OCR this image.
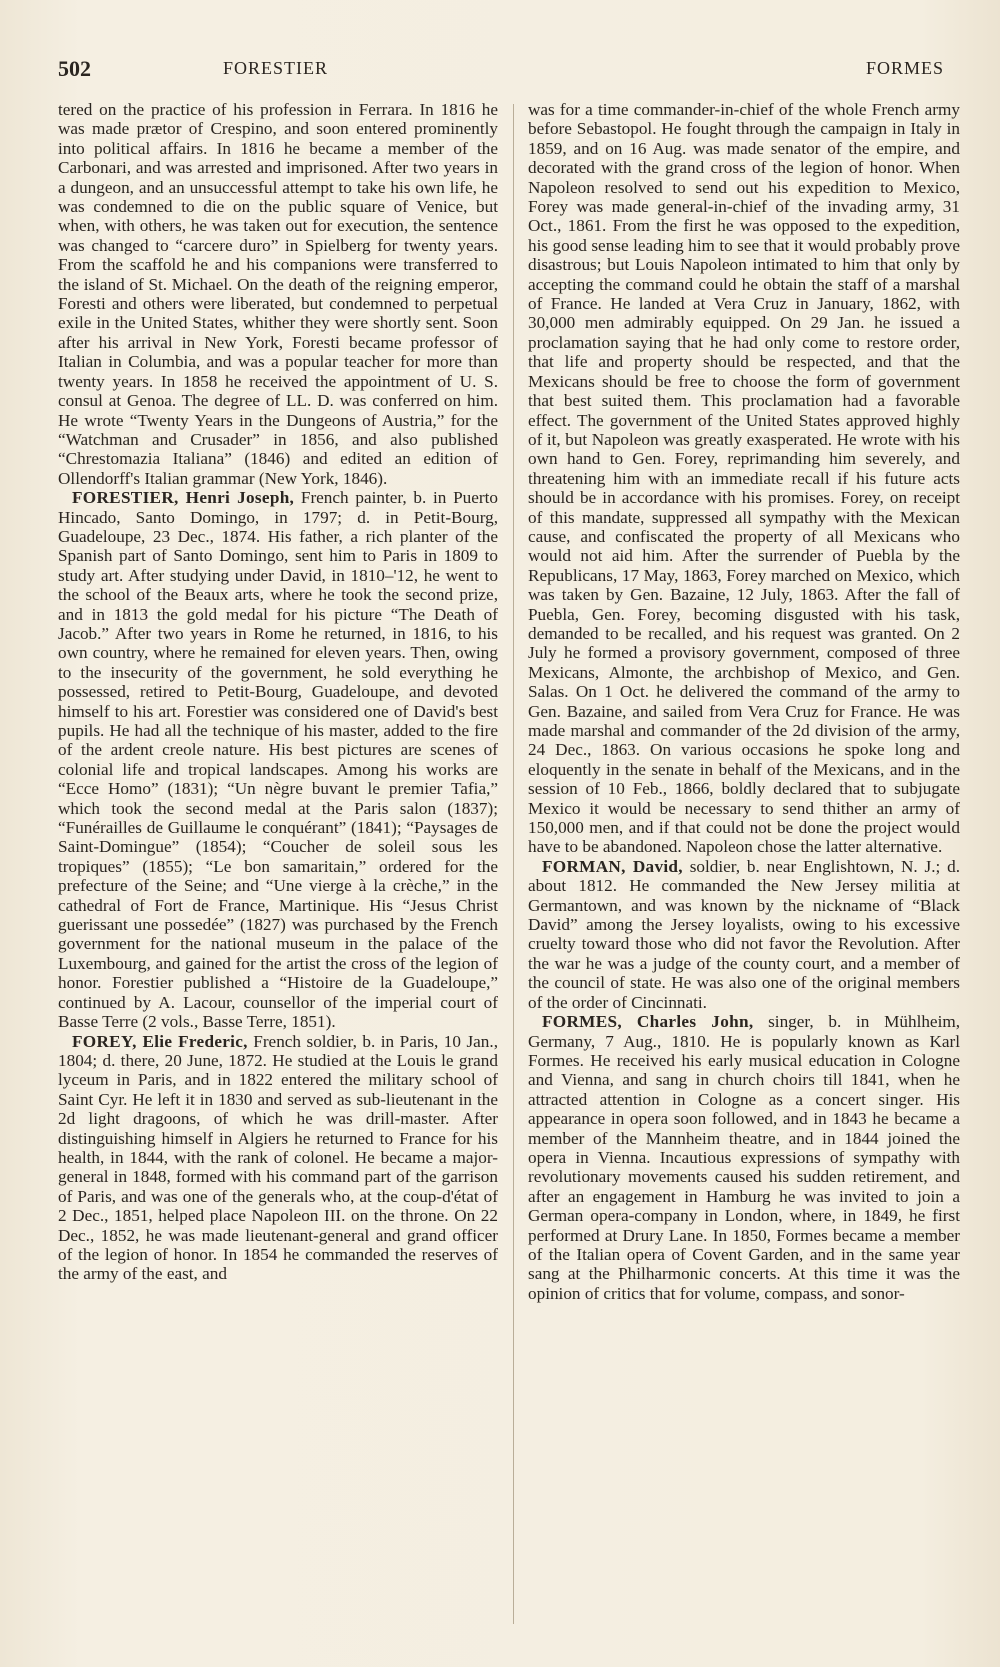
502	FORESTIER	FORMES

tered on the practice of his profession in Ferrara. In 1816 he was made prætor of Crespino, and soon entered prominently into political affairs. In 1816 he became a member of the Carbonari, and was arrested and imprisoned. After two years in a dungeon, and an unsuccessful attempt to take his own life, he was condemned to die on the public square of Venice, but when, with others, he was taken out for execution, the sentence was changed to “carcere duro” in Spielberg for twenty years. From the scaffold he and his companions were transferred to the island of St. Michael. On the death of the reigning emperor, Foresti and others were liberated, but condemned to perpetual exile in the United States, whither they were shortly sent. Soon after his arrival in New York, Foresti became professor of Italian in Columbia, and was a popular teacher for more than twenty years. In 1858 he received the appointment of U. S. consul at Genoa. The degree of LL. D. was conferred on him. He wrote “Twenty Years in the Dungeons of Austria,” for the “Watchman and Crusader” in 1856, and also published “Chrestomazia Italiana” (1846) and edited an edition of Ollendorff's Italian grammar (New York, 1846).

FORESTIER, Henri Joseph, French painter, b. in Puerto Hincado, Santo Domingo, in 1797; d. in Petit-Bourg, Guadeloupe, 23 Dec., 1874. His father, a rich planter of the Spanish part of Santo Domingo, sent him to Paris in 1809 to study art. After studying under David, in 1810–'12, he went to the school of the Beaux arts, where he took the second prize, and in 1813 the gold medal for his picture “The Death of Jacob.” After two years in Rome he returned, in 1816, to his own country, where he remained for eleven years. Then, owing to the insecurity of the government, he sold everything he possessed, retired to Petit-Bourg, Guadeloupe, and devoted himself to his art. Forestier was considered one of David's best pupils. He had all the technique of his master, added to the fire of the ardent creole nature. His best pictures are scenes of colonial life and tropical landscapes. Among his works are “Ecce Homo” (1831); “Un nègre buvant le premier Tafia,” which took the second medal at the Paris salon (1837); “Funérailles de Guillaume le conquérant” (1841); “Paysages de Saint-Domingue” (1854); “Coucher de soleil sous les tropiques” (1855); “Le bon samaritain,” ordered for the prefecture of the Seine; and “Une vierge à la crèche,” in the cathedral of Fort de France, Martinique. His “Jesus Christ guerissant une possedée” (1827) was purchased by the French government for the national museum in the palace of the Luxembourg, and gained for the artist the cross of the legion of honor. Forestier published a “Histoire de la Guadeloupe,” continued by A. Lacour, counsellor of the imperial court of Basse Terre (2 vols., Basse Terre, 1851).

FOREY, Elie Frederic, French soldier, b. in Paris, 10 Jan., 1804; d. there, 20 June, 1872. He studied at the Louis le grand lyceum in Paris, and in 1822 entered the military school of Saint Cyr. He left it in 1830 and served as sub-lieutenant in the 2d light dragoons, of which he was drill-master. After distinguishing himself in Algiers he returned to France for his health, in 1844, with the rank of colonel. He became a major-general in 1848, formed with his command part of the garrison of Paris, and was one of the generals who, at the coup-d'état of 2 Dec., 1851, helped place Napoleon III. on the throne. On 22 Dec., 1852, he was made lieutenant-general and grand officer of the legion of honor. In 1854 he commanded the reserves of the army of the east, and

was for a time commander-in-chief of the whole French army before Sebastopol. He fought through the campaign in Italy in 1859, and on 16 Aug. was made senator of the empire, and decorated with the grand cross of the legion of honor. When Napoleon resolved to send out his expedition to Mexico, Forey was made general-in-chief of the invading army, 31 Oct., 1861. From the first he was opposed to the expedition, his good sense leading him to see that it would probably prove disastrous; but Louis Napoleon intimated to him that only by accepting the command could he obtain the staff of a marshal of France. He landed at Vera Cruz in January, 1862, with 30,000 men admirably equipped. On 29 Jan. he issued a proclamation saying that he had only come to restore order, that life and property should be respected, and that the Mexicans should be free to choose the form of government that best suited them. This proclamation had a favorable effect. The government of the United States approved highly of it, but Napoleon was greatly exasperated. He wrote with his own hand to Gen. Forey, reprimanding him severely, and threatening him with an immediate recall if his future acts should be in accordance with his promises. Forey, on receipt of this mandate, suppressed all sympathy with the Mexican cause, and confiscated the property of all Mexicans who would not aid him. After the surrender of Puebla by the Republicans, 17 May, 1863, Forey marched on Mexico, which was taken by Gen. Bazaine, 12 July, 1863. After the fall of Puebla, Gen. Forey, becoming disgusted with his task, demanded to be recalled, and his request was granted. On 2 July he formed a provisory government, composed of three Mexicans, Almonte, the archbishop of Mexico, and Gen. Salas. On 1 Oct. he delivered the command of the army to Gen. Bazaine, and sailed from Vera Cruz for France. He was made marshal and commander of the 2d division of the army, 24 Dec., 1863. On various occasions he spoke long and eloquently in the senate in behalf of the Mexicans, and in the session of 10 Feb., 1866, boldly declared that to subjugate Mexico it would be necessary to send thither an army of 150,000 men, and if that could not be done the project would have to be abandoned. Napoleon chose the latter alternative.

FORMAN, David, soldier, b. near Englishtown, N. J.; d. about 1812. He commanded the New Jersey militia at Germantown, and was known by the nickname of “Black David” among the Jersey loyalists, owing to his excessive cruelty toward those who did not favor the Revolution. After the war he was a judge of the county court, and a member of the council of state. He was also one of the original members of the order of Cincinnati.

FORMES, Charles John, singer, b. in Mühlheim, Germany, 7 Aug., 1810. He is popularly known as Karl Formes. He received his early musical education in Cologne and Vienna, and sang in church choirs till 1841, when he attracted attention in Cologne as a concert singer. His appearance in opera soon followed, and in 1843 he became a member of the Mannheim theatre, and in 1844 joined the opera in Vienna. Incautious expressions of sympathy with revolutionary movements caused his sudden retirement, and after an engagement in Hamburg he was invited to join a German opera-company in London, where, in 1849, he first performed at Drury Lane. In 1850, Formes became a member of the Italian opera of Covent Garden, and in the same year sang at the Philharmonic concerts. At this time it was the opinion of critics that for volume, compass, and sonor-
